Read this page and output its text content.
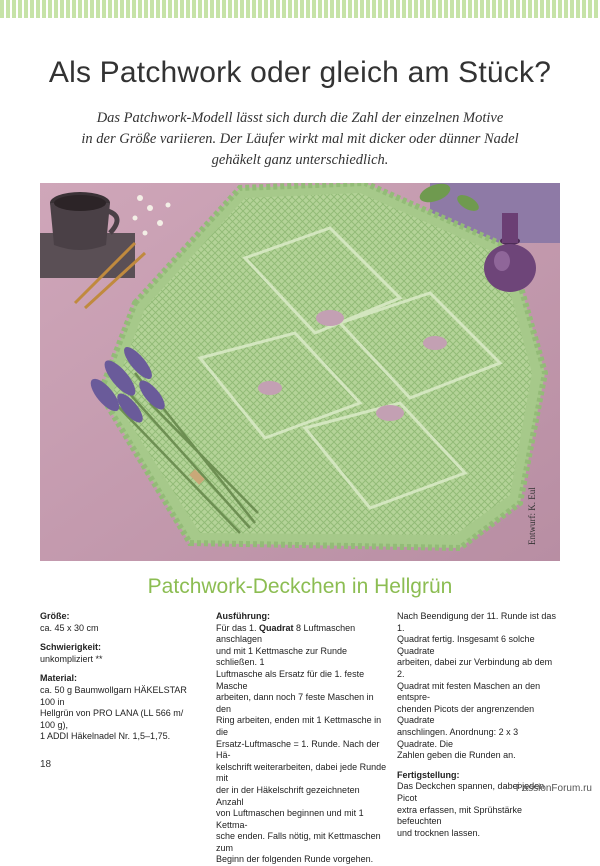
Als Patchwork oder gleich am Stück?
Das Patchwork-Modell lässt sich durch die Zahl der einzelnen Motive
in der Größe variieren. Der Läufer wirkt mal mit dicker oder dünner Nadel
gehäkelt ganz unterschiedlich.
Entwurf: K. Eul
Patchwork-Deckchen in Hellgrün
Größe:
ca. 45 x 30 cm
Schwierigkeit:
unkompliziert **
Material:
ca. 50 g Baumwollgarn HÄKELSTAR 100 in
Hellgrün von PRO LANA (LL 566 m/ 100 g),
1 ADDI Häkelnadel Nr. 1,5–1,75.
Ausführung:
Für das 1. Quadrat 8 Luftmaschen anschlagen
und mit 1 Kettmasche zur Runde schließen. 1
Luftmasche als Ersatz für die 1. feste Masche
arbeiten, dann noch 7 feste Maschen in den
Ring arbeiten, enden mit 1 Kettmasche in die
Ersatz-Luftmasche = 1. Runde. Nach der Hä-
kelschrift weiterarbeiten, dabei jede Runde mit
der in der Häkelschrift gezeichneten Anzahl
von Luftmaschen beginnen und mit 1 Kettma-
sche enden. Falls nötig, mit Kettmaschen zum
Beginn der folgenden Runde vorgehen.
Nach Beendigung der 11. Runde ist das 1.
Quadrat fertig. Insgesamt 6 solche Quadrate
arbeiten, dabei zur Verbindung ab dem 2.
Quadrat mit festen Maschen an den entspre-
chenden Picots der angrenzenden Quadrate
anschlingen. Anordnung: 2 x 3 Quadrate. Die
Zahlen geben die Runden an.
Fertigstellung:
Das Deckchen spannen, dabei jeden Picot
extra erfassen, mit Sprühstärke befeuchten
und trocknen lassen.
18
PassionForum.ru
